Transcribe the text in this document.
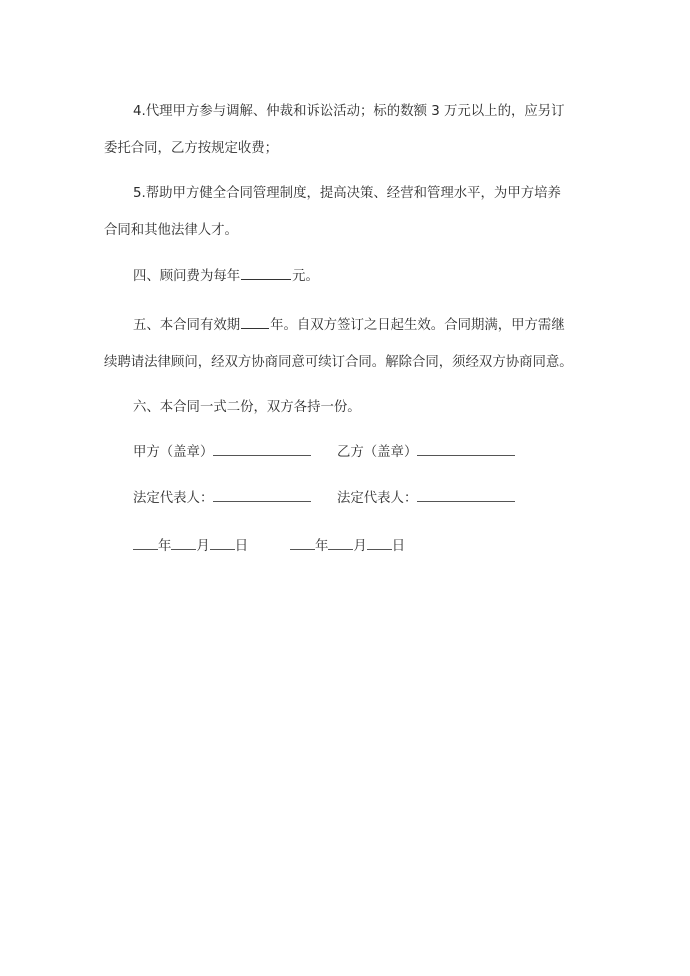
4.代理甲方参与调解、仲裁和诉讼活动；标的数额 3 万元以上的，应另订
委托合同，乙方按规定收费；
5.帮助甲方健全合同管理制度，提高决策、经营和管理水平，为甲方培养
合同和其他法律人才。
四、顾问费为每年	元。
五、本合同有效期 年。自双方签订之日起生效。合同期满，甲方需继
续聘请法律顾问，经双方协商同意可续订合同。解除合同，须经双方协商同意。
六、本合同一式二份，双方各持一份。
甲方（盖章）	乙方（盖章）
法定代表人：	法定代表人：
年 月 日	年 月 日
